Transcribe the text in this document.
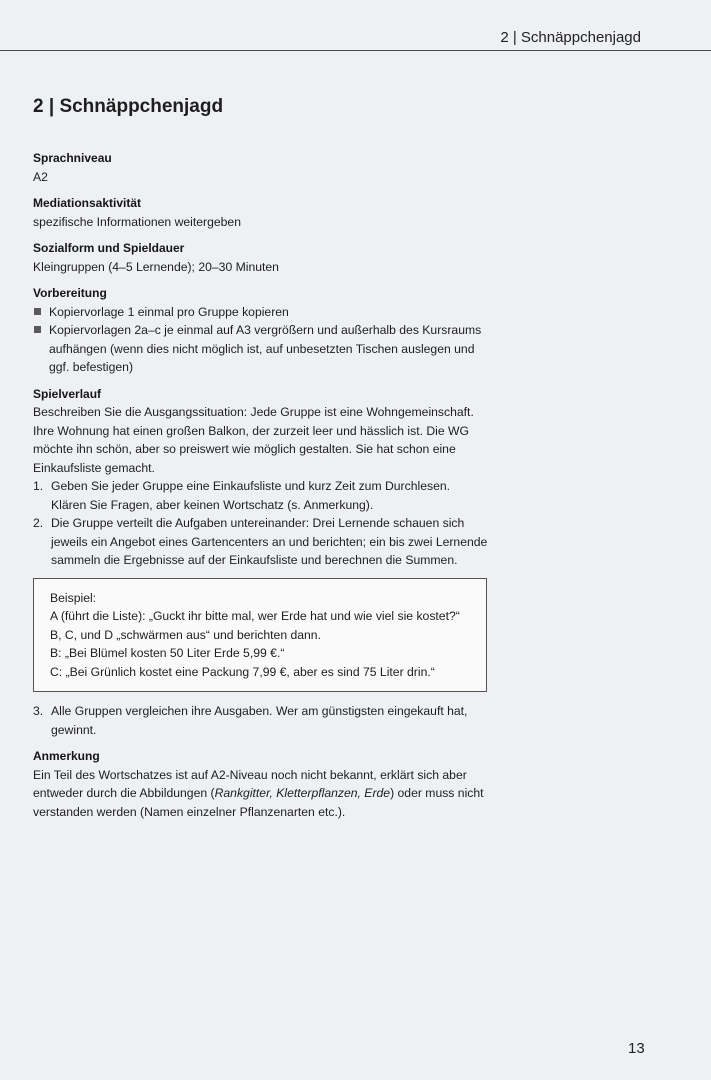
2 | Schnäppchenjagd
2 | Schnäppchenjagd
Sprachniveau
A2
Mediationsaktivität
spezifische Informationen weitergeben
Sozialform und Spieldauer
Kleingruppen (4–5 Lernende); 20–30 Minuten
Vorbereitung
Kopiervorlage 1 einmal pro Gruppe kopieren
Kopiervorlagen 2a–c je einmal auf A3 vergrößern und außerhalb des Kursraums aufhängen (wenn dies nicht möglich ist, auf unbesetzten Tischen auslegen und ggf. befestigen)
Spielverlauf
Beschreiben Sie die Ausgangssituation: Jede Gruppe ist eine Wohngemeinschaft. Ihre Wohnung hat einen großen Balkon, der zurzeit leer und hässlich ist. Die WG möchte ihn schön, aber so preiswert wie möglich gestalten. Sie hat schon eine Einkaufsliste gemacht.
1. Geben Sie jeder Gruppe eine Einkaufsliste und kurz Zeit zum Durchlesen. Klären Sie Fragen, aber keinen Wortschatz (s. Anmerkung).
2. Die Gruppe verteilt die Aufgaben untereinander: Drei Lernende schauen sich jeweils ein Angebot eines Gartencenters an und berichten; ein bis zwei Lernende sammeln die Ergebnisse auf der Einkaufsliste und berechnen die Summen.
Beispiel:
A (führt die Liste): „Guckt ihr bitte mal, wer Erde hat und wie viel sie kostet?“
B, C, und D „schwärmen aus“ und berichten dann.
B: „Bei Blümel kosten 50 Liter Erde 5,99 €.“
C: „Bei Grünlich kostet eine Packung 7,99 €, aber es sind 75 Liter drin.“
3. Alle Gruppen vergleichen ihre Ausgaben. Wer am günstigsten eingekauft hat, gewinnt.
Anmerkung
Ein Teil des Wortschatzes ist auf A2-Niveau noch nicht bekannt, erklärt sich aber entweder durch die Abbildungen (Rankgitter, Kletterpflanzen, Erde) oder muss nicht verstanden werden (Namen einzelner Pflanzenarten etc.).
13
